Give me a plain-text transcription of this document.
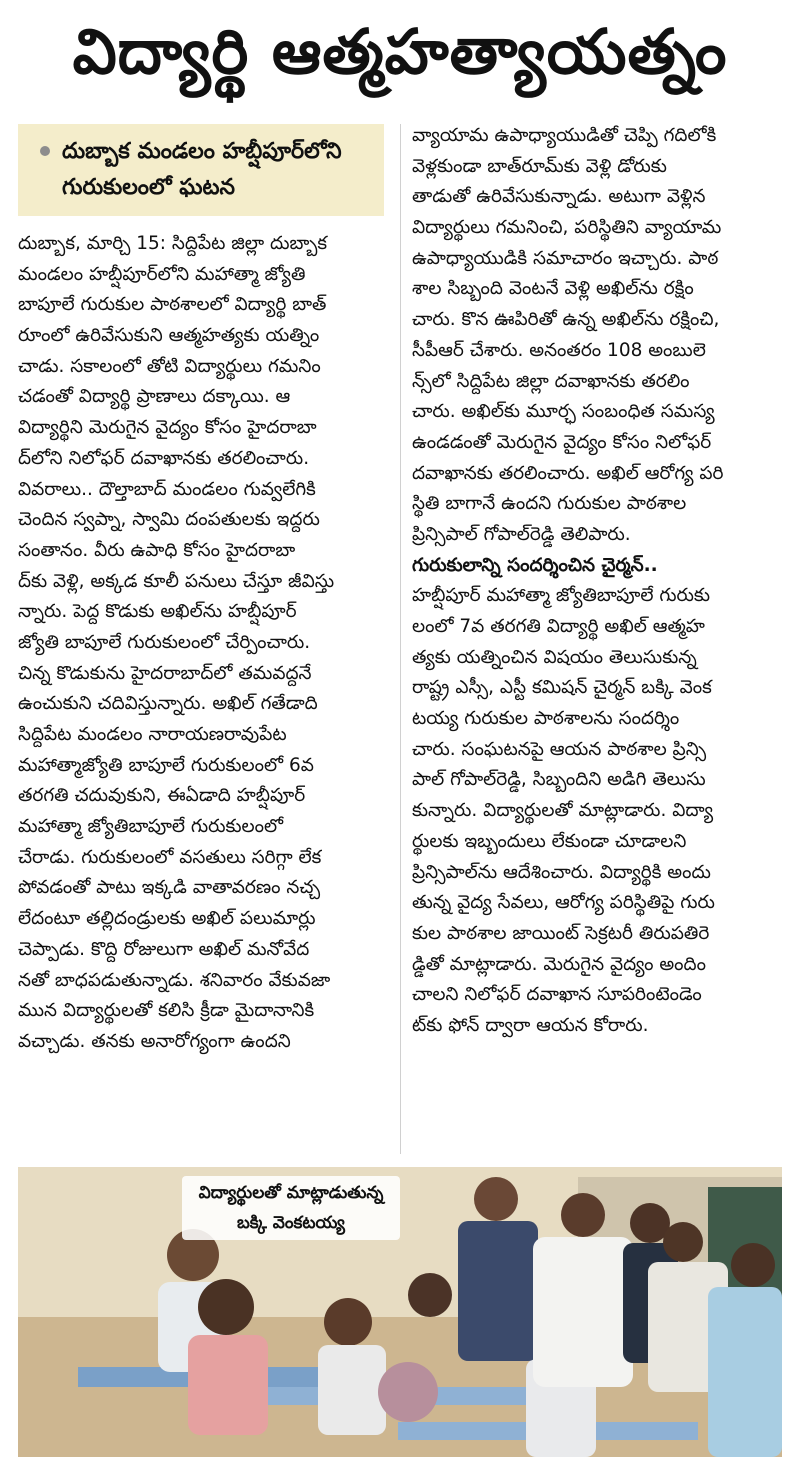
విద్యార్థి ఆత్మహత్యాయత్నం
దుబ్బాక మండలం హబ్షీపూర్‌లోని
గురుకులంలో ఘటన
దుబ్బాక, మార్చి 15: సిద్దిపేట జిల్లా దుబ్బాక
మండలం హబ్షీపూర్‌లోని మహాత్మా జ్యోతి
బాపూలే గురుకుల పాఠశాలలో విద్యార్థి బాత్
రూంలో ఉరివేసుకుని ఆత్మహత్యకు యత్నిం
చాడు. సకాలంలో తోటి విద్యార్థులు గమనిం
చడంతో విద్యార్థి ప్రాణాలు దక్కాయి. ఆ
విద్యార్థిని మెరుగైన వైద్యం కోసం హైదరాబా
ద్‌లోని నిలోఫర్ దవాఖానకు తరలించారు.
వివరాలు.. దౌల్తాబాద్ మండలం గువ్వలేగికి
చెందిన స్వప్నా, స్వామి దంపతులకు ఇద్దరు
సంతానం. వీరు ఉపాధి కోసం హైదరాబా
ద్‌కు వెళ్లి, అక్కడ కూలీ పనులు చేస్తూ జీవిస్తు
న్నారు. పెద్ద కొడుకు అఖిల్‌ను హబ్షీపూర్
జ్యోతి బాపూలే గురుకులంలో చేర్పించారు.
చిన్న కొడుకును హైదరాబాద్‌లో తమవద్దనే
ఉంచుకుని చదివిస్తున్నారు. అఖిల్ గతేడాది
సిద్దిపేట మండలం నారాయణరావుపేట
మహాత్మాజ్యోతి బాపూలే గురుకులంలో 6వ
తరగతి చదువుకుని, ఈఏడాది హబ్షీపూర్
మహాత్మా జ్యోతిబాపూలే గురుకులంలో
చేరాడు. గురుకులంలో వసతులు సరిగ్గా లేక
పోవడంతో పాటు ఇక్కడి వాతావరణం నచ్చ
లేదంటూ తల్లిదండ్రులకు అఖిల్ పలుమార్లు
చెప్పాడు. కొద్ది రోజులుగా అఖిల్ మనోవేద
నతో బాధపడుతున్నాడు. శనివారం వేకువజా
మున విద్యార్థులతో కలిసి క్రీడా మైదానానికి
వచ్చాడు. తనకు అనారోగ్యంగా ఉందని
వ్యాయామ ఉపాధ్యాయుడితో చెప్పి గదిలోకి
వెళ్లకుండా బాత్‌రూమ్‌కు వెళ్లి డోరుకు
తాడుతో ఉరివేసుకున్నాడు. అటుగా వెళ్లిన
విద్యార్థులు గమనించి, పరిస్థితిని వ్యాయామ
ఉపాధ్యాయుడికి సమాచారం ఇచ్చారు. పాఠ
శాల సిబ్బంది వెంటనే వెళ్లి అఖిల్‌ను రక్షిం
చారు. కొన ఊపిరితో ఉన్న అఖిల్‌ను రక్షించి,
సీపీఆర్ చేశారు. అనంతరం 108 అంబులె
న్స్‌లో సిద్దిపేట జిల్లా దవాఖానకు తరలిం
చారు. అఖిల్‌కు మూర్ఛ సంబంధిత సమస్య
ఉండడంతో మెరుగైన వైద్యం కోసం నిలోఫర్
దవాఖానకు తరలించారు. అఖిల్ ఆరోగ్య పరి
స్థితి బాగానే ఉందని గురుకుల పాఠశాల
ప్రిన్సిపాల్ గోపాల్‌రెడ్డి తెలిపారు.
గురుకులాన్ని సందర్శించిన చైర్మన్..
హబ్షీపూర్ మహాత్మా జ్యోతిబాపూలే గురుకు
లంలో 7వ తరగతి విద్యార్థి అఖిల్ ఆత్మహ
త్యకు యత్నించిన విషయం తెలుసుకున్న
రాష్ట్ర ఎస్సీ, ఎస్టీ కమిషన్ చైర్మన్ బక్కి వెంక
టయ్య గురుకుల పాఠశాలను సందర్శిం
చారు. సంఘటనపై ఆయన పాఠశాల ప్రిన్సి
పాల్ గోపాల్‌రెడ్డి, సిబ్బందిని అడిగి తెలుసు
కున్నారు. విద్యార్థులతో మాట్లాడారు. విద్యా
ర్థులకు ఇబ్బందులు లేకుండా చూడాలని
ప్రిన్సిపాల్‌ను ఆదేశించారు. విద్యార్థికి అందు
తున్న వైద్య సేవలు, ఆరోగ్య పరిస్థితిపై గురు
కుల పాఠశాల జాయింట్ సెక్రటరీ తిరుపతిరె
డ్డితో మాట్లాడారు. మెరుగైన వైద్యం అందిం
చాలని నిలోఫర్ దవాఖాన సూపరింటెండెం
ట్‌కు ఫోన్ ద్వారా ఆయన కోరారు.
విద్యార్థులతో మాట్లాడుతున్న
బక్కి వెంకటయ్య
